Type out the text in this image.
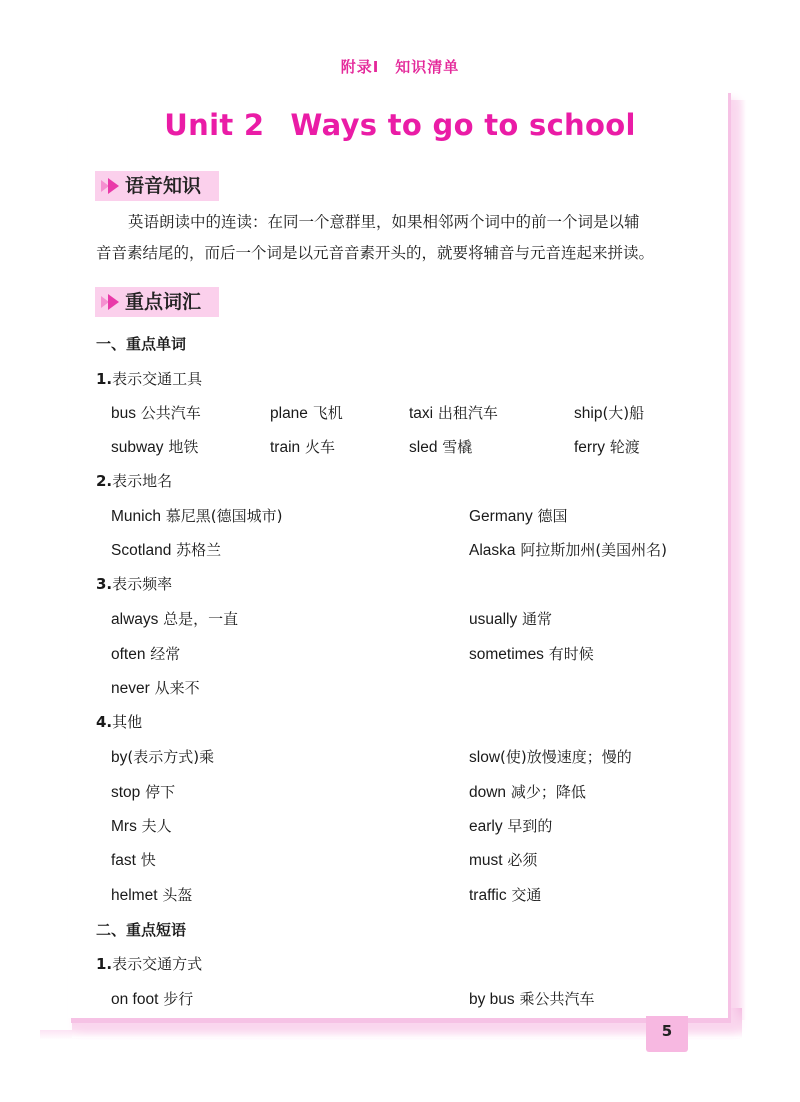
附录Ⅰ 知识清单
Unit 2 Ways to go to school
语音知识
英语朗读中的连读：在同一个意群里，如果相邻两个词中的前一个词是以辅
音音素结尾的，而后一个词是以元音音素开头的，就要将辅音与元音连起来拼读。
重点词汇
一、重点单词
1.表示交通工具
bus 公共汽车	plane 飞机	taxi 出租汽车	ship(大)船
subway 地铁	train 火车	sled 雪橇	ferry 轮渡
2.表示地名
Munich 慕尼黑(德国城市)	Germany 德国
Scotland 苏格兰	Alaska 阿拉斯加州(美国州名)
3.表示频率
always 总是，一直	usually 通常
often 经常	sometimes 有时候
never 从来不
4.其他
by(表示方式)乘	slow(使)放慢速度；慢的
stop 停下	down 减少；降低
Mrs 夫人	early 早到的
fast 快	must 必须
helmet 头盔	traffic 交通
二、重点短语
1.表示交通方式
on foot 步行	by bus 乘公共汽车
5
